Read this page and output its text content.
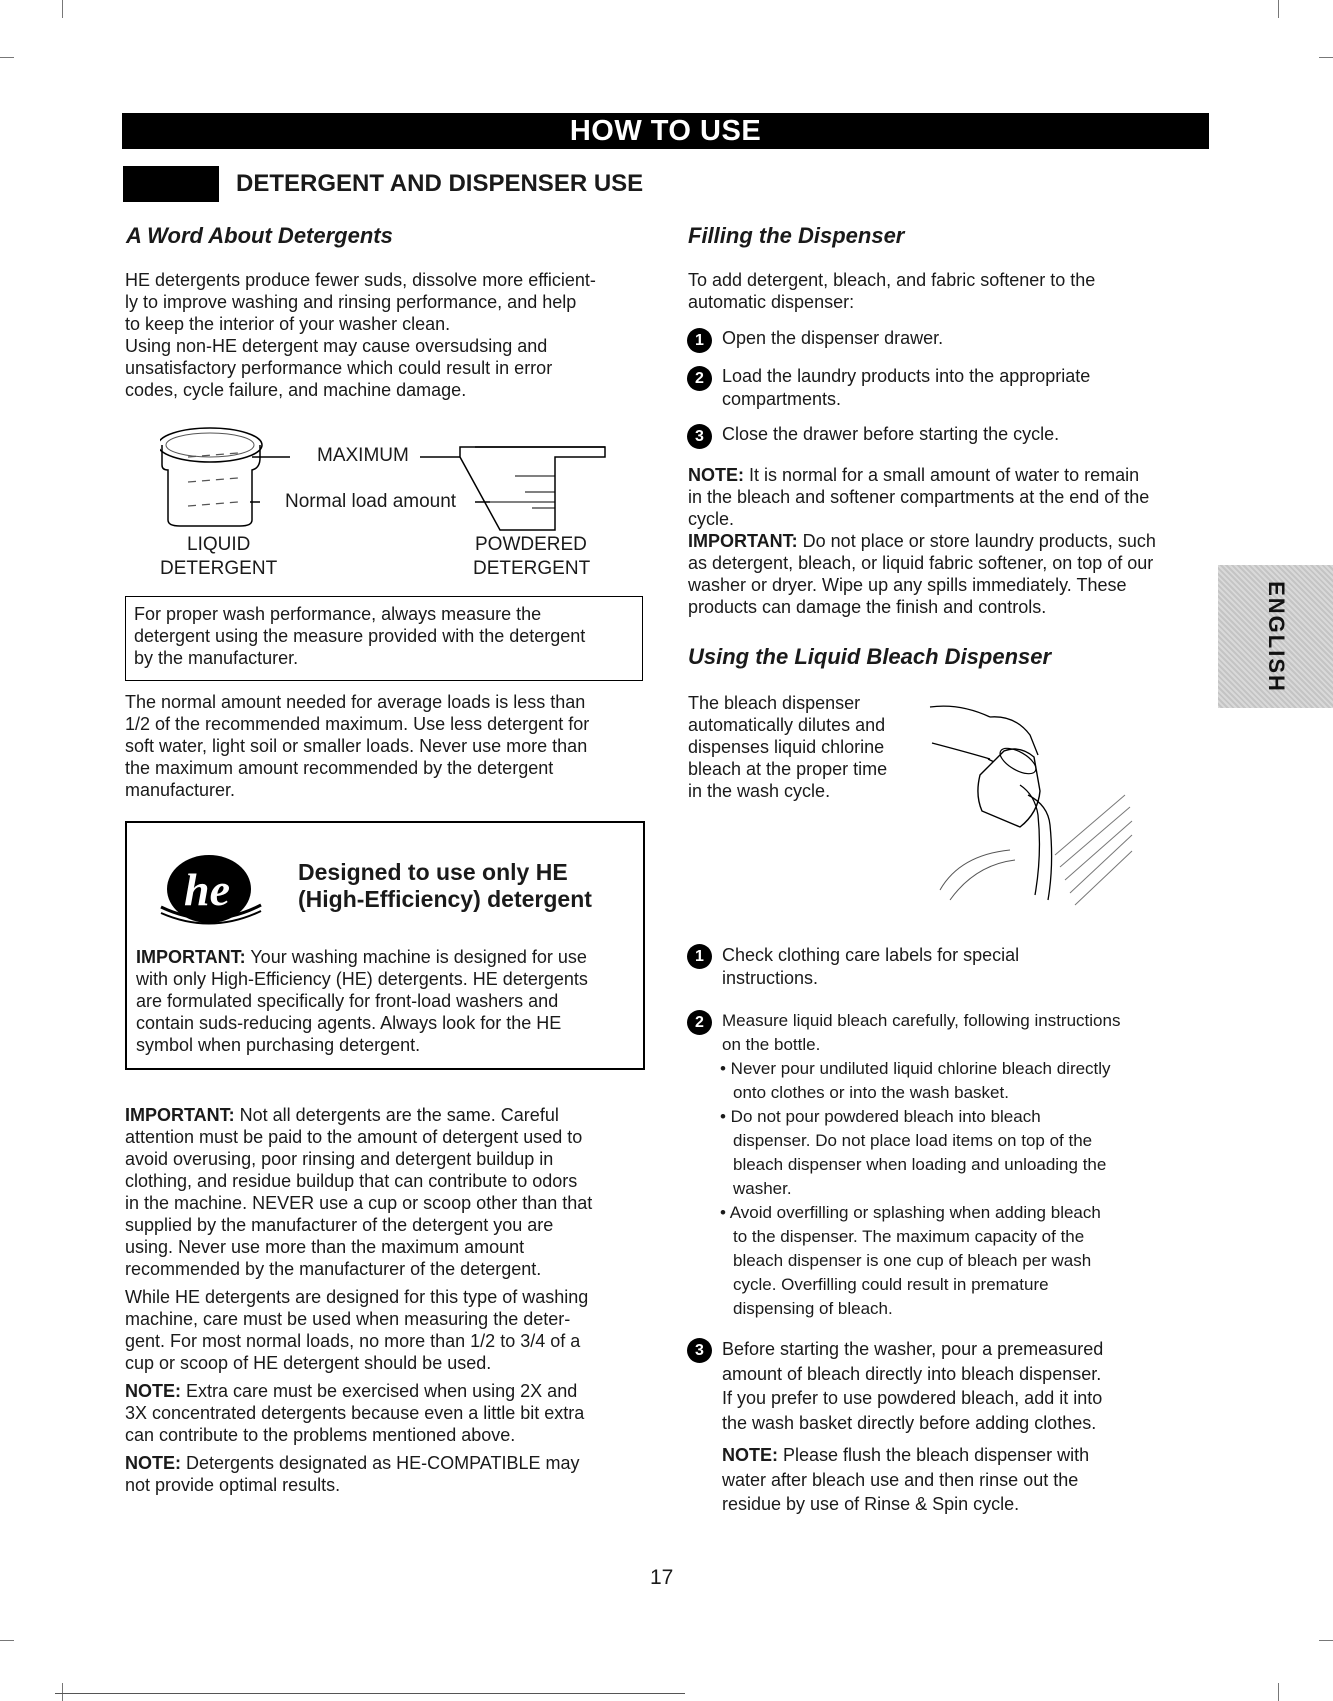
HOW TO USE
DETERGENT AND DISPENSER USE
A Word About Detergents

HE detergents produce fewer suds, dissolve more efficient-

ly to improve washing and rinsing performance, and help

to keep the interior of your washer clean.

Using non-HE detergent may cause oversudsing and

unsatisfactory performance which could result in error

codes, cycle failure, and machine damage.

MAXIMUM
Normal load amount
LIQUID
DETERGENT
POWDERED
DETERGENT

For proper wash performance, always measure the

detergent using the measure provided with the detergent

by the manufacturer.

The normal amount needed for average loads is less than

1/2 of the recommended maximum. Use less detergent for

soft water, light soil or smaller loads. Never use more than

the maximum amount recommended by the detergent

manufacturer.

he	Designed to use only HE
(High-Efficiency) detergent

IMPORTANT: Your washing machine is designed for use

with only High-Efficiency (HE) detergents. HE detergents

are formulated specifically for front-load washers and

contain suds-reducing agents. Always look for the HE

symbol when purchasing detergent.

IMPORTANT: Not all detergents are the same. Careful

attention must be paid to the amount of detergent used to

avoid overusing, poor rinsing and detergent buildup in

clothing, and residue buildup that can contribute to odors

in the machine. NEVER use a cup or scoop other than that

supplied by the manufacturer of the detergent you are

using. Never use more than the maximum amount

recommended by the manufacturer of the detergent.

While HE detergents are designed for this type of washing

machine, care must be used when measuring the deter-

gent. For most normal loads, no more than 1/2 to 3/4 of a

cup or scoop of HE detergent should be used.

NOTE: Extra care must be exercised when using 2X and

3X concentrated detergents because even a little bit extra

can contribute to the problems mentioned above.

NOTE: Detergents designated as HE-COMPATIBLE may

not provide optimal results.

Filling the Dispenser

To add detergent, bleach, and fabric softener to the

automatic dispenser:

1	Open the dispenser drawer.
2	Load the laundry products into the appropriate
compartments.
3	Close the drawer before starting the cycle.

NOTE: It is normal for a small amount of water to remain

in the bleach and softener compartments at the end of the

cycle.

IMPORTANT: Do not place or store laundry products, such

as detergent, bleach, or liquid fabric softener, on top of our

washer or dryer. Wipe up any spills immediately. These

products can damage the finish and controls.

Using the Liquid Bleach Dispenser

The bleach dispenser

automatically dilutes and

dispenses liquid chlorine

bleach at the proper time

in the wash cycle.

1	Check clothing care labels for special
instructions.
2	Measure liquid bleach carefully, following instructions
on the bottle.
• Never pour undiluted liquid chlorine bleach directly
onto clothes or into the wash basket.
• Do not pour powdered bleach into bleach
dispenser. Do not place load items on top of the
bleach dispenser when loading and unloading the
washer.
• Avoid overfilling or splashing when adding bleach
to the dispenser. The maximum capacity of the
bleach dispenser is one cup of bleach per wash
cycle. Overfilling could result in premature
dispensing of bleach.
3	Before starting the washer, pour a premeasured
amount of bleach directly into bleach dispenser.
If you prefer to use powdered bleach, add it into
the wash basket directly before adding clothes.
NOTE: Please flush the bleach dispenser with
water after bleach use and then rinse out the
residue by use of Rinse & Spin cycle.
ENGLISH
17
